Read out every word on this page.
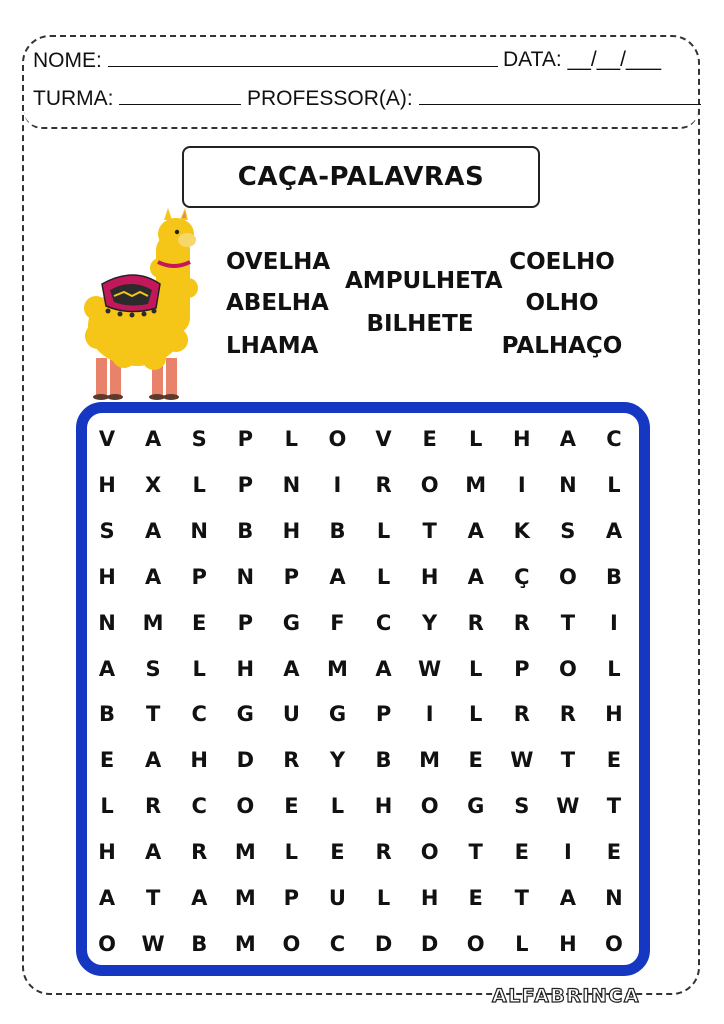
NOME:	DATA: __/__/___
TURMA:	PROFESSOR(A):
CAÇA-PALAVRAS
OVELHA
ABELHA
LHAMA
AMPULHETA
BILHETE
COELHO
OLHO
PALHAÇO
V	A	S	P	L	O	V	E	L	H	A	C
H	X	L	P	N	I	R	O	M	I	N	L
S	A	N	B	H	B	L	T	A	K	S	A
H	A	P	N	P	A	L	H	A	Ç	O	B
N	M	E	P	G	F	C	Y	R	R	T	I
A	S	L	H	A	M	A	W	L	P	O	L
B	T	C	G	U	G	P	I	L	R	R	H
E	A	H	D	R	Y	B	M	E	W	T	E
L	R	C	O	E	L	H	O	G	S	W	T
H	A	R	M	L	E	R	O	T	E	I	E
A	T	A	M	P	U	L	H	E	T	A	N
O	W	B	M	O	C	D	D	O	L	H	O
ALFABRINCA
